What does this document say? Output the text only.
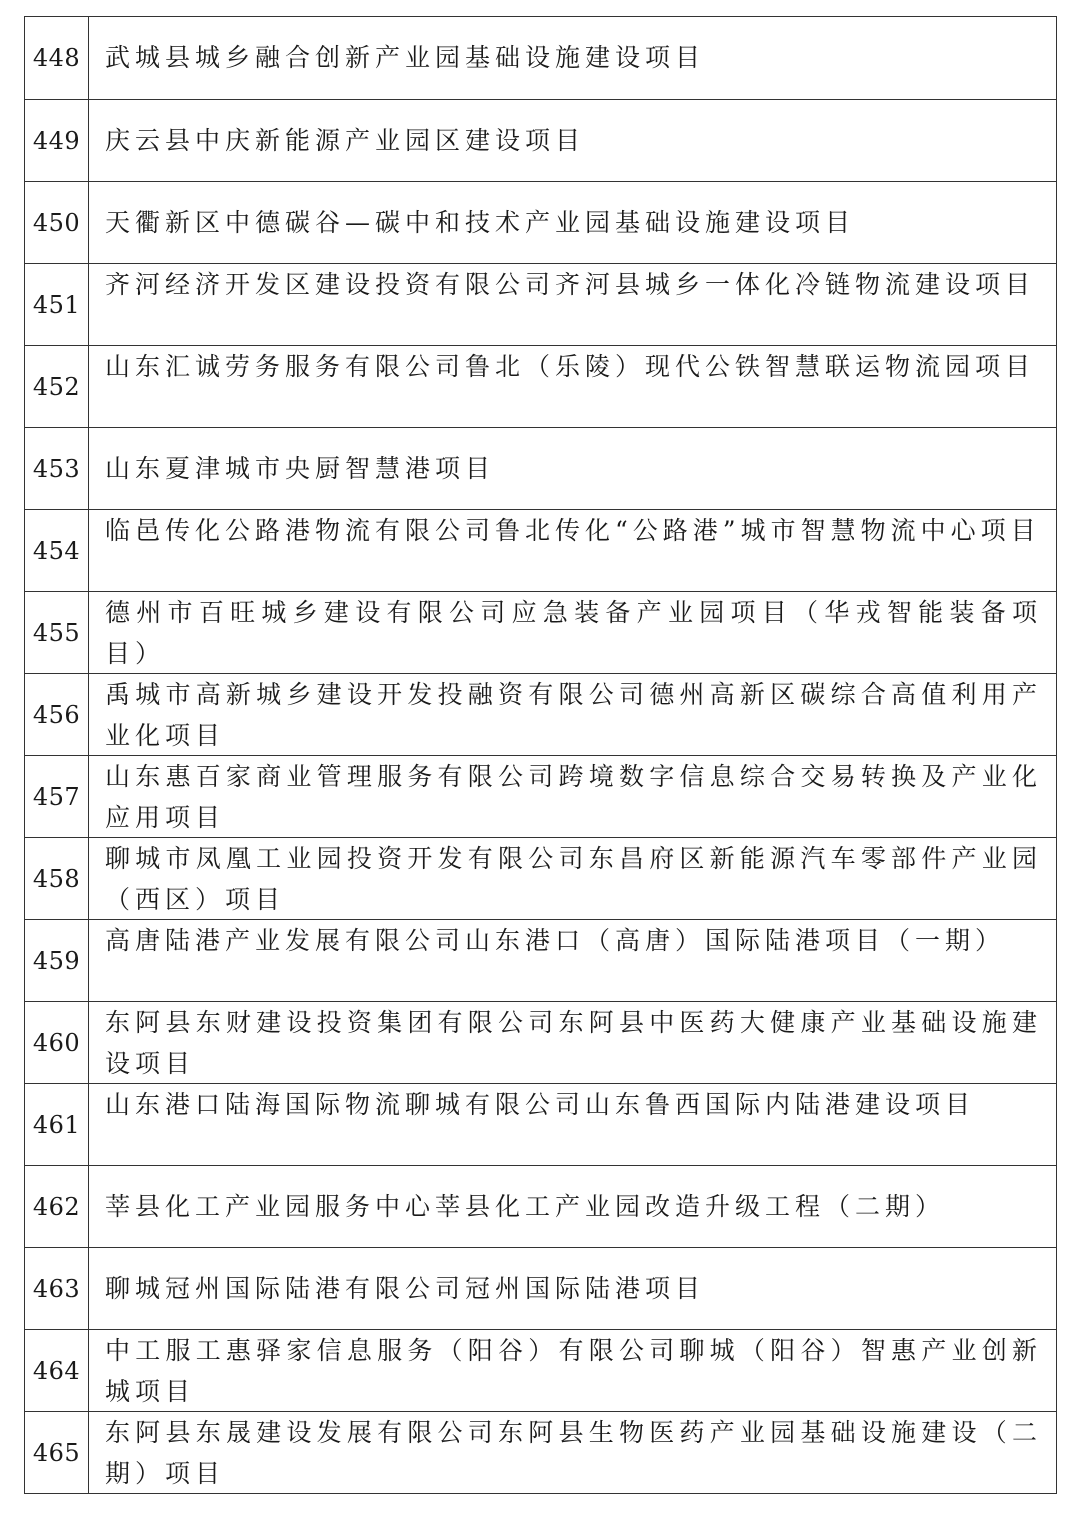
448 武城县城乡融合创新产业园基础设施建设项目
449 庆云县中庆新能源产业园区建设项目
450 天衢新区中德碳谷—碳中和技术产业园基础设施建设项目
451
齐河经济开发区建设投资有限公司齐河县城乡一体化冷链物流建设项目
452
山东汇诚劳务服务有限公司鲁北（乐陵）现代公铁智慧联运物流园项目
453 山东夏津城市央厨智慧港项目
454
临邑传化公路港物流有限公司鲁北传化“公路港”城市智慧物流中心项目
455
德州市百旺城乡建设有限公司应急装备产业园项目（华戎智能装备项目）
456
禹城市高新城乡建设开发投融资有限公司德州高新区碳综合高值利用产业化项目
457
山东惠百家商业管理服务有限公司跨境数字信息综合交易转换及产业化应用项目
458
聊城市凤凰工业园投资开发有限公司东昌府区新能源汽车零部件产业园（西区）项目
459
高唐陆港产业发展有限公司山东港口（高唐）国际陆港项目（一期）
460
东阿县东财建设投资集团有限公司东阿县中医药大健康产业基础设施建设项目
461
山东港口陆海国际物流聊城有限公司山东鲁西国际内陆港建设项目
462 莘县化工产业园服务中心莘县化工产业园改造升级工程（二期）
463 聊城冠州国际陆港有限公司冠州国际陆港项目
464
中工服工惠驿家信息服务（阳谷）有限公司聊城（阳谷）智惠产业创新城项目
465
东阿县东晟建设发展有限公司东阿县生物医药产业园基础设施建设（二期）项目
